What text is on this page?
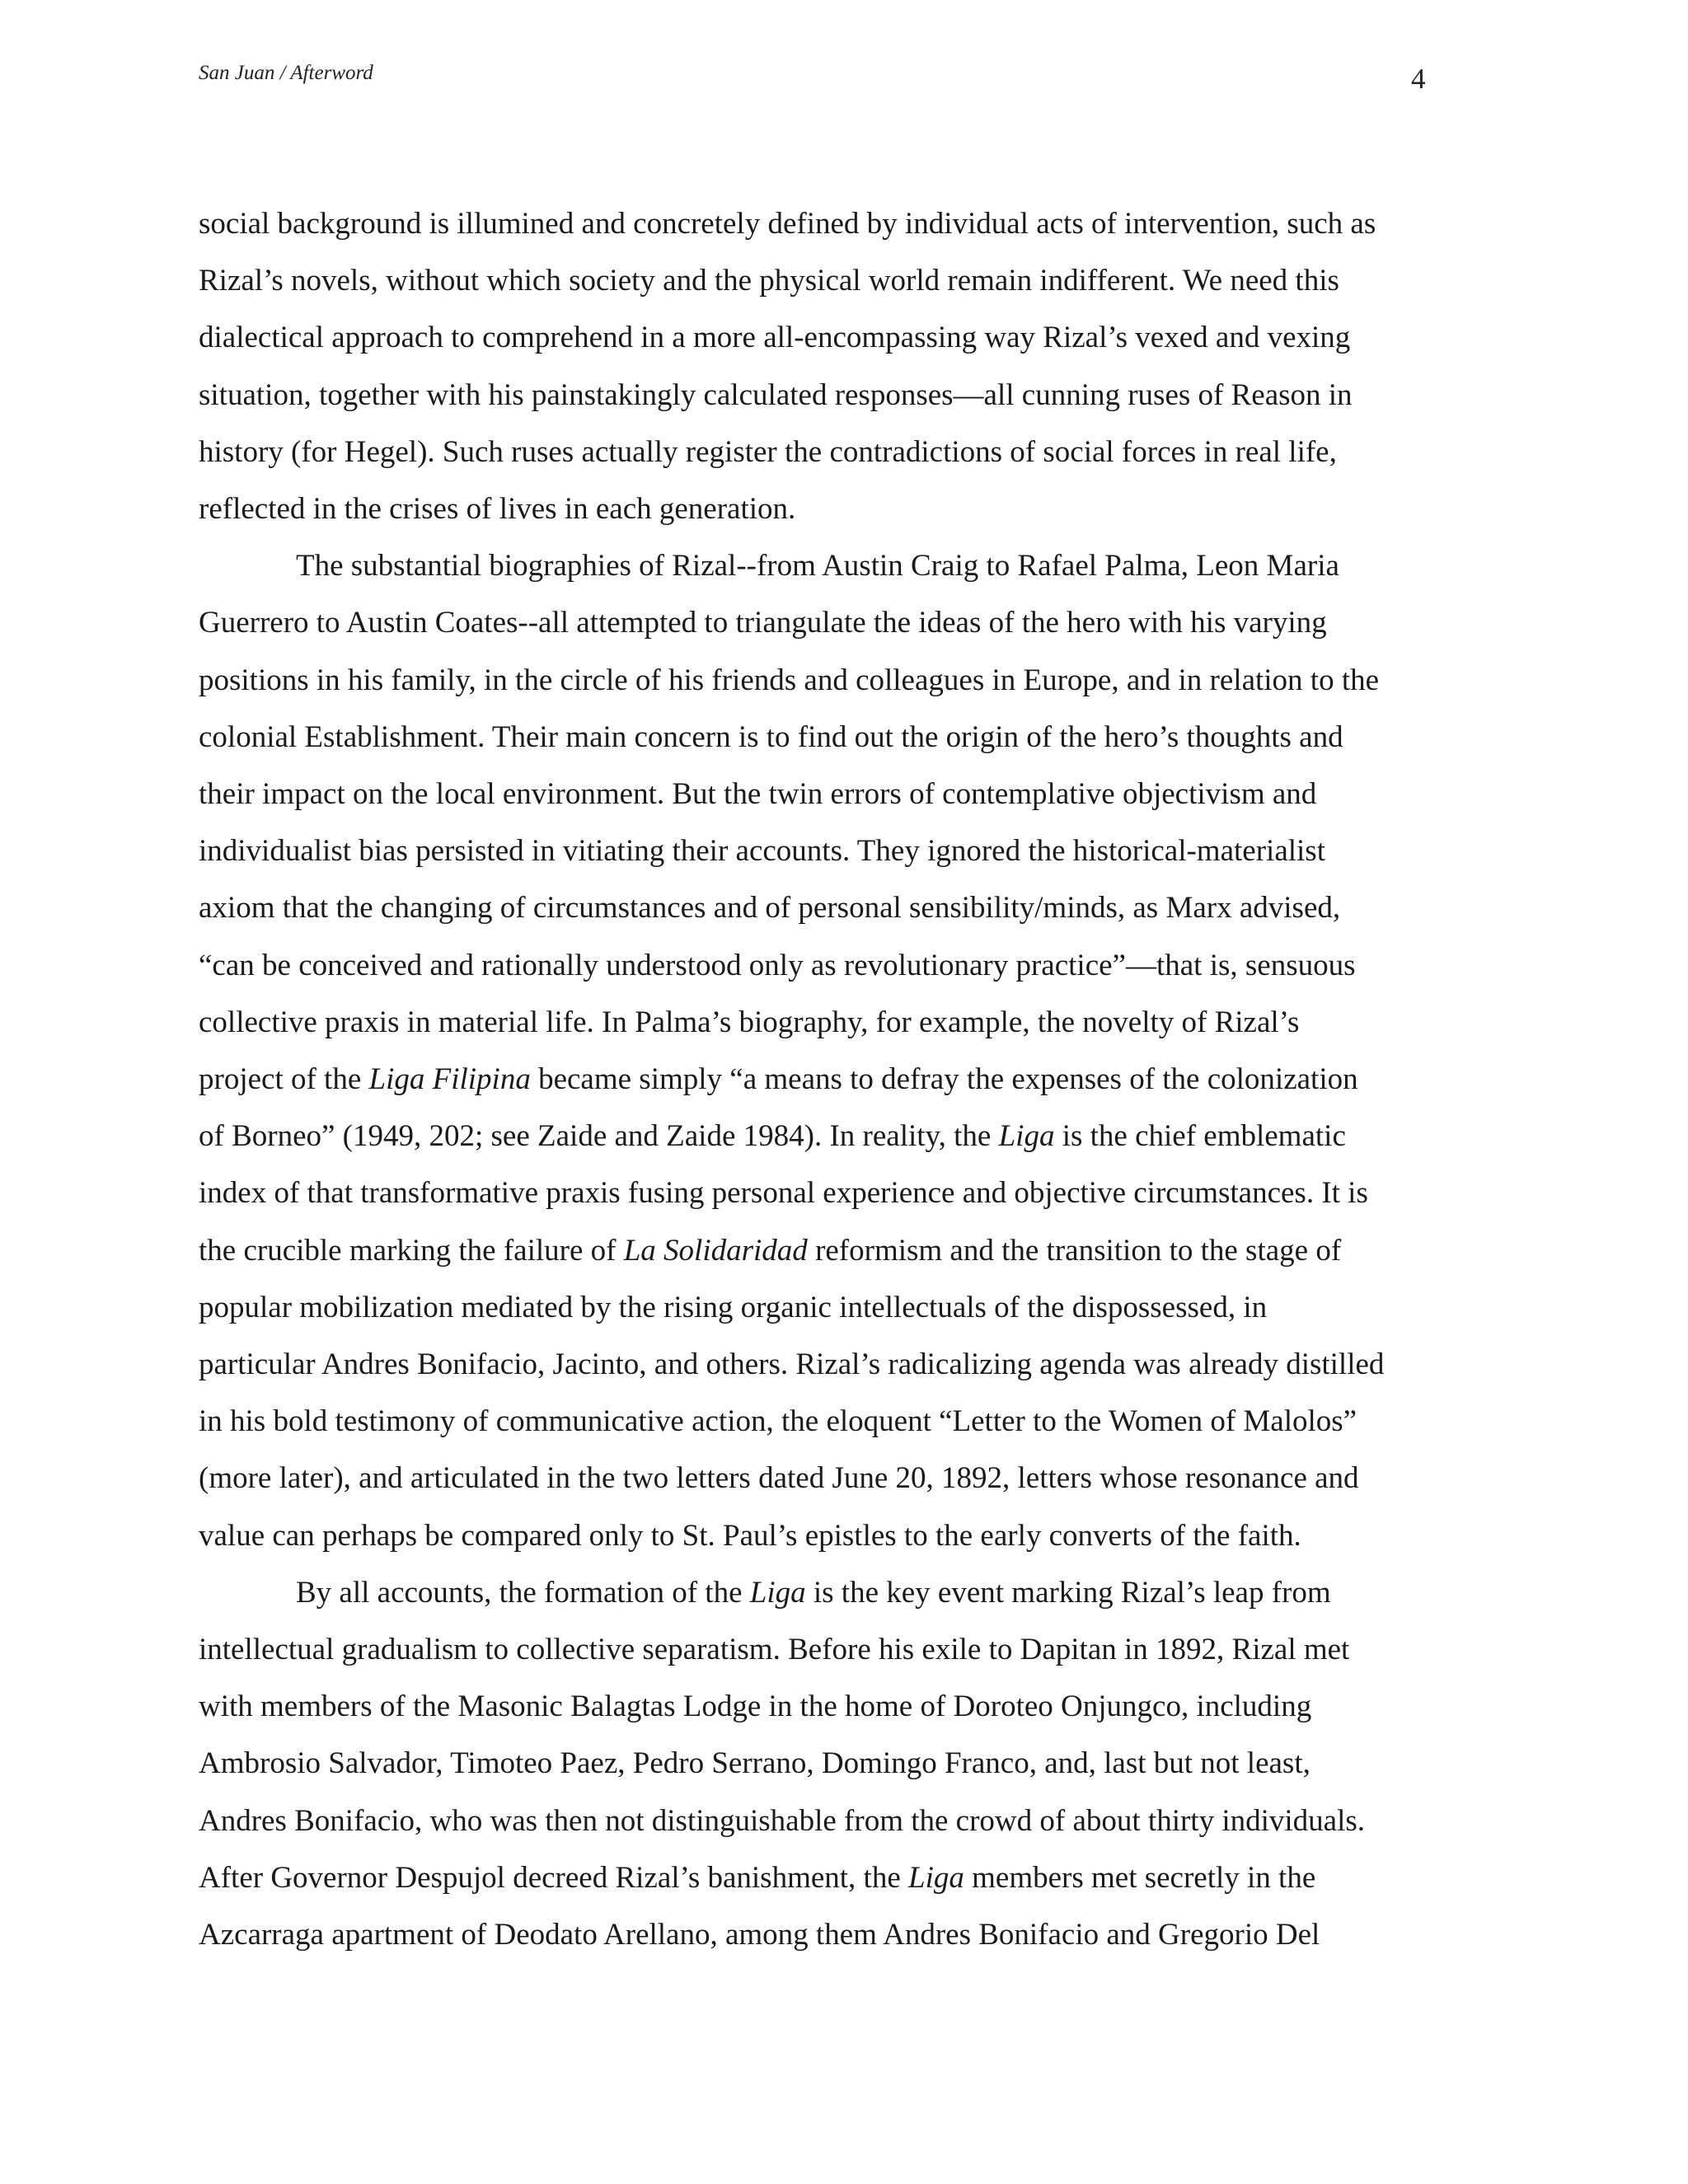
San Juan / Afterword	4

social background is illumined and concretely defined by individual acts of intervention, such as
Rizal’s novels, without which society and the physical world remain indifferent. We need this
dialectical approach to comprehend in a more all-encompassing way Rizal’s vexed and vexing
situation, together with his painstakingly calculated responses—all cunning ruses of Reason in
history (for Hegel). Such ruses actually register the contradictions of social forces in real life,
reflected in the crises of lives in each generation.

The substantial biographies of Rizal--from Austin Craig to Rafael Palma, Leon Maria
Guerrero to Austin Coates--all attempted to triangulate the ideas of the hero with his varying
positions in his family, in the circle of his friends and colleagues in Europe, and in relation to the
colonial Establishment. Their main concern is to find out the origin of the hero’s thoughts and
their impact on the local environment. But the twin errors of contemplative objectivism and
individualist bias persisted in vitiating their accounts. They ignored the historical-materialist
axiom that the changing of circumstances and of personal sensibility/minds, as Marx advised,
“can be conceived and rationally understood only as revolutionary practice”—that is, sensuous
collective praxis in material life. In Palma’s biography, for example, the novelty of Rizal’s
project of the Liga Filipina became simply “a means to defray the expenses of the colonization
of Borneo” (1949, 202; see Zaide and Zaide 1984). In reality, the Liga is the chief emblematic
index of that transformative praxis fusing personal experience and objective circumstances. It is
the crucible marking the failure of La Solidaridad reformism and the transition to the stage of
popular mobilization mediated by the rising organic intellectuals of the dispossessed, in
particular Andres Bonifacio, Jacinto, and others. Rizal’s radicalizing agenda was already distilled
in his bold testimony of communicative action, the eloquent “Letter to the Women of Malolos”
(more later), and articulated in the two letters dated June 20, 1892, letters whose resonance and
value can perhaps be compared only to St. Paul’s epistles to the early converts of the faith.

By all accounts, the formation of the Liga is the key event marking Rizal’s leap from
intellectual gradualism to collective separatism. Before his exile to Dapitan in 1892, Rizal met
with members of the Masonic Balagtas Lodge in the home of Doroteo Onjungco, including
Ambrosio Salvador, Timoteo Paez, Pedro Serrano, Domingo Franco, and, last but not least,
Andres Bonifacio, who was then not distinguishable from the crowd of about thirty individuals.
After Governor Despujol decreed Rizal’s banishment, the Liga members met secretly in the
Azcarraga apartment of Deodato Arellano, among them Andres Bonifacio and Gregorio Del
